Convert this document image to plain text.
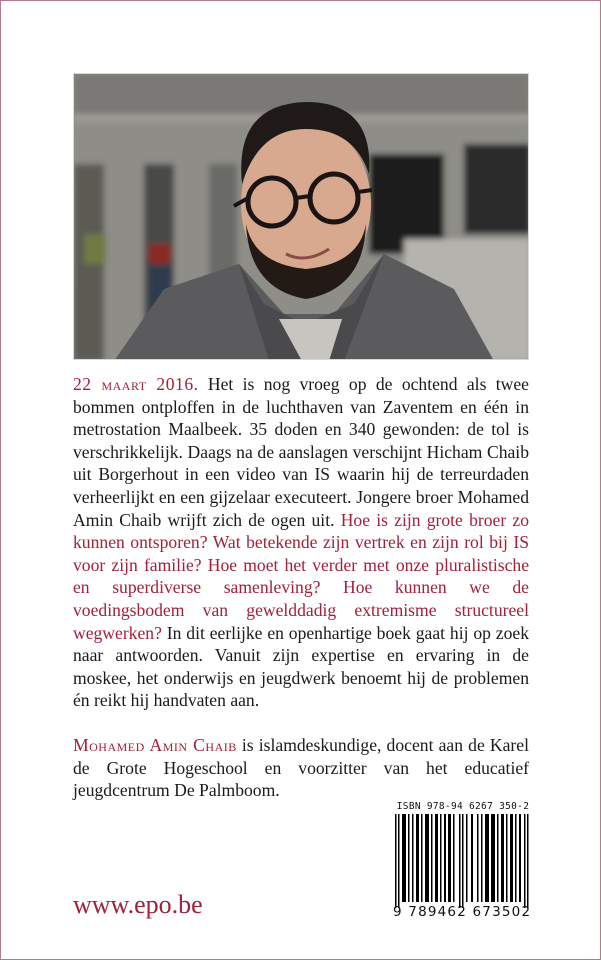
22 maart 2016. Het is nog vroeg op de ochtend als twee bommen ontploffen in de luchthaven van Zaventem en één in metrostation Maalbeek. 35 doden en 340 gewonden: de tol is verschrikkelijk. Daags na de aanslagen verschijnt Hicham Chaib uit Borgerhout in een video van IS waarin hij de terreurdaden verheerlijkt en een gijzelaar executeert. Jongere broer Mohamed Amin Chaib wrijft zich de ogen uit. Hoe is zijn grote broer zo kunnen ontsporen? Wat betekende zijn vertrek en zijn rol bij IS voor zijn familie? Hoe moet het verder met onze pluralistische en superdiverse samenleving? Hoe kunnen we de voedingsbodem van gewelddadig extremisme structureel wegwerken? In dit eerlijke en openhartige boek gaat hij op zoek naar antwoorden. Vanuit zijn expertise en ervaring in de moskee, het onderwijs en jeugdwerk benoemt hij de problemen én reikt hij handvaten aan.
Mohamed Amin Chaib is islamdeskundige, docent aan de Karel de Grote Hogeschool en voorzitter van het educatief jeugdcentrum De Palmboom.
www.epo.be
ISBN 978-94 6267 350-2
9 789462 673502
